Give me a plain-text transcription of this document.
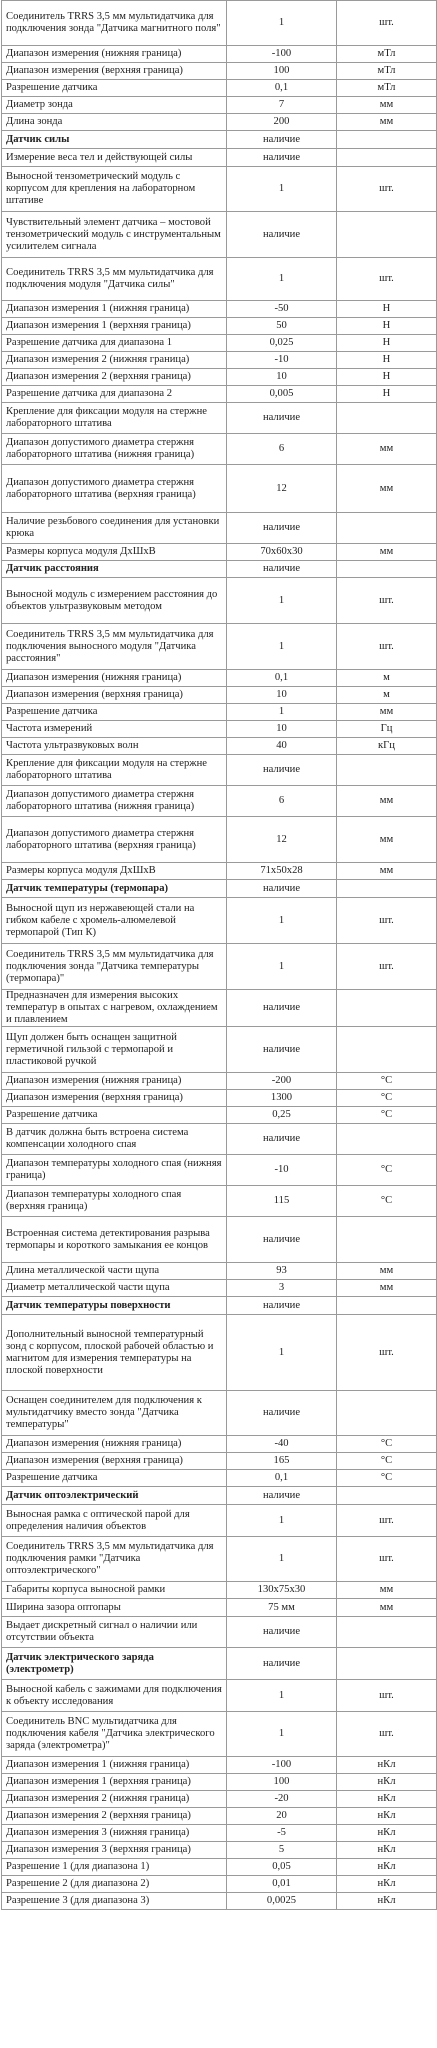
Соединитель TRRS 3,5 мм мультидатчика для подключения зонда "Датчика магнитного поля"	1	шт.
Диапазон измерения (нижняя граница)	-100	мТл
Диапазон измерения (верхняя граница)	100	мТл
Разрешение датчика	0,1	мТл
Диаметр зонда	7	мм
Длина зонда	200	мм
Датчик силы	наличие	
Измерение веса тел и действующей силы	наличие	
Выносной тензометрический модуль с корпусом для крепления на лабораторном штативе	1	шт.
Чувствительный элемент датчика – мостовой тензометрический модуль с инструментальным усилителем сигнала	наличие	
Соединитель TRRS 3,5 мм мультидатчика для подключения модуля "Датчика силы"	1	шт.
Диапазон измерения 1 (нижняя граница)	-50	Н
Диапазон измерения 1 (верхняя граница)	50	Н
Разрешение датчика для диапазона 1	0,025	Н
Диапазон измерения 2 (нижняя граница)	-10	Н
Диапазон измерения 2 (верхняя граница)	10	Н
Разрешение датчика для диапазона 2	0,005	Н
Крепление для фиксации модуля на стержне лабораторного штатива	наличие	
Диапазон допустимого диаметра стержня лабораторного штатива (нижняя граница)	6	мм
Диапазон допустимого диаметра стержня лабораторного штатива (верхняя граница)	12	мм
Наличие резьбового соединения для установки крюка	наличие	
Размеры корпуса модуля ДхШхВ	70х60х30	мм
Датчик расстояния	наличие	
Выносной модуль с измерением расстояния до объектов ультразвуковым методом	1	шт.
Соединитель TRRS 3,5 мм мультидатчика для подключения выносного модуля "Датчика расстояния"	1	шт.
Диапазон измерения (нижняя граница)	0,1	м
Диапазон измерения (верхняя граница)	10	м
Разрешение датчика	1	мм
Частота измерений	10	Гц
Частота ультразвуковых волн	40	кГц
Крепление для фиксации модуля на стержне лабораторного штатива	наличие	
Диапазон допустимого диаметра стержня лабораторного штатива (нижняя граница)	6	мм
Диапазон допустимого диаметра стержня лабораторного штатива (верхняя граница)	12	мм
Размеры корпуса модуля ДхШхВ	71х50х28	мм
Датчик температуры (термопара)	наличие	
Выносной щуп из нержавеющей стали на гибком кабеле с хромель-алюмелевой термопарой (Тип К)	1	шт.
Соединитель TRRS 3,5 мм мультидатчика для подключения зонда "Датчика температуры (термопара)"	1	шт.
Предназначен для измерения высоких температур в опытах с нагревом, охлаждением и плавлением	наличие	
Щуп должен быть оснащен защитной герметичной гильзой с термопарой и пластиковой ручкой	наличие	
Диапазон измерения (нижняя граница)	-200	°С
Диапазон измерения (верхняя граница)	1300	°С
Разрешение датчика	0,25	°С
В датчик должна быть встроена система компенсации холодного спая	наличие	
Диапазон температуры холодного спая (нижняя граница)	-10	°С
Диапазон температуры холодного спая (верхняя граница)	115	°С
Встроенная система детектирования разрыва термопары и короткого замыкания ее концов	наличие	
Длина металлической части щупа	93	мм
Диаметр металлической части щупа	3	мм
Датчик температуры поверхности	наличие	
Дополнительный выносной температурный зонд с корпусом, плоской рабочей областью и магнитом для измерения температуры на плоской поверхности	1	шт.
Оснащен соединителем для подключения к мультидатчику вместо зонда "Датчика температуры"	наличие	
Диапазон измерения (нижняя граница)	-40	°С
Диапазон измерения (верхняя граница)	165	°С
Разрешение датчика	0,1	°С
Датчик оптоэлектрический	наличие	
Выносная рамка с оптической парой для определения наличия объектов	1	шт.
Соединитель TRRS 3,5 мм мультидатчика для подключения рамки "Датчика оптоэлектрического"	1	шт.
Габариты корпуса выносной рамки	130х75х30	мм
Ширина зазора оптопары	75 мм	мм
Выдает дискретный сигнал о наличии или отсутствии объекта	наличие	
Датчик электрического заряда (электрометр)	наличие	
Выносной кабель с зажимами для подключения к объекту исследования	1	шт.
Соединитель BNC мультидатчика для подключения кабеля "Датчика электрического заряда (электрометра)"	1	шт.
Диапазон измерения 1 (нижняя граница)	-100	нКл
Диапазон измерения 1 (верхняя граница)	100	нКл
Диапазон измерения 2 (нижняя граница)	-20	нКл
Диапазон измерения 2 (верхняя граница)	20	нКл
Диапазон измерения 3 (нижняя граница)	-5	нКл
Диапазон измерения 3 (верхняя граница)	5	нКл
Разрешение 1 (для диапазона 1)	0,05	нКл
Разрешение 2 (для диапазона 2)	0,01	нКл
Разрешение 3 (для диапазона 3)	0,0025	нКл
